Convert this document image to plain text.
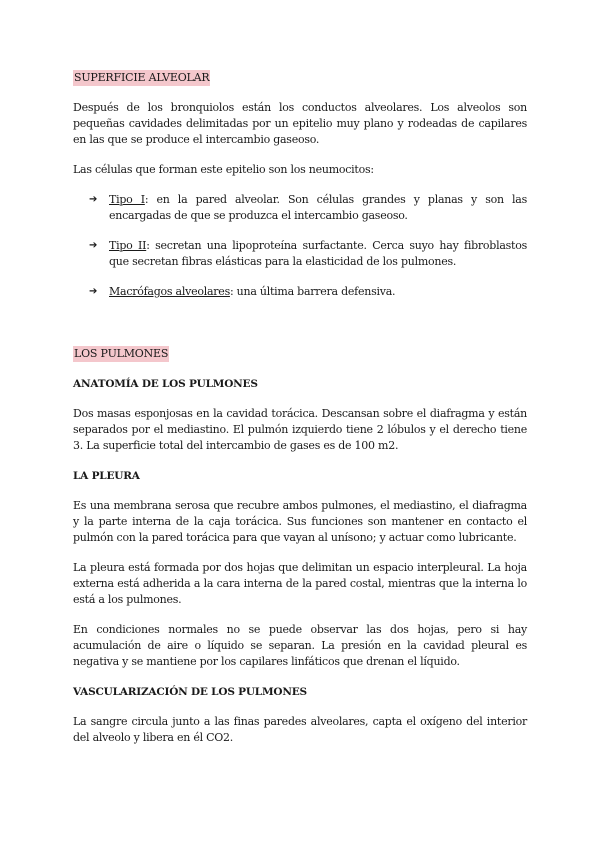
SUPERFICIE ALVEOLAR

Después de los bronquiolos están los conductos alveolares. Los alveolos son pequeñas cavidades delimitadas por un epitelio muy plano y rodeadas de capilares en las que se produce el intercambio gaseoso.

Las células que forman este epitelio son los neumocitos:

➔ Tipo I: en la pared alveolar. Son células grandes y planas y son las encargadas de que se produzca el intercambio gaseoso.
➔ Tipo II: secretan una lipoproteína surfactante. Cerca suyo hay fibroblastos que secretan fibras elásticas para la elasticidad de los pulmones.
➔ Macrófagos alveolares: una última barrera defensiva.
LOS PULMONES
ANATOMÍA DE LOS PULMONES

Dos masas esponjosas en la cavidad torácica. Descansan sobre el diafragma y están separados por el mediastino. El pulmón izquierdo tiene 2 lóbulos y el derecho tiene 3. La superficie total del intercambio de gases es de 100 m2.

LA PLEURA

Es una membrana serosa que recubre ambos pulmones, el mediastino, el diafragma y la parte interna de la caja torácica. Sus funciones son mantener en contacto el pulmón con la pared torácica para que vayan al unísono; y actuar como lubricante.

La pleura está formada por dos hojas que delimitan un espacio interpleural. La hoja externa está adherida a la cara interna de la pared costal, mientras que la interna lo está a los pulmones.

En condiciones normales no se puede observar las dos hojas, pero si hay acumulación de aire o líquido se separan. La presión en la cavidad pleural es negativa y se mantiene por los capilares linfáticos que drenan el líquido.

VASCULARIZACIÓN DE LOS PULMONES

La sangre circula junto a las finas paredes alveolares, capta el oxígeno del interior del alveolo y libera en él CO2.
